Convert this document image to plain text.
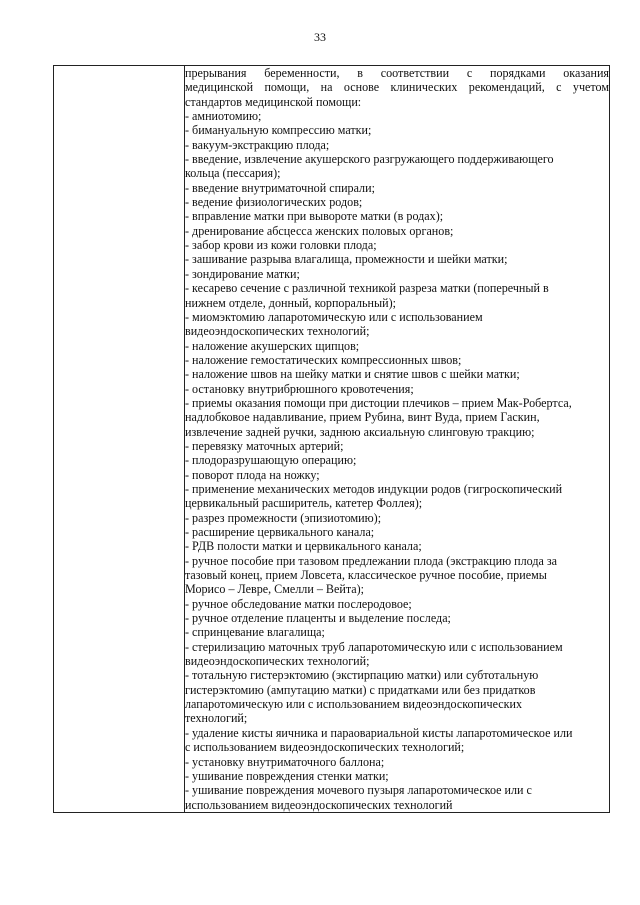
33

прерывания беременности, в соответствии с порядками оказания
медицинской помощи, на основе клинических рекомендаций, с учетом
стандартов медицинской помощи:
- амниотомию;
- бимануальную компрессию матки;
- вакуум-экстракцию плода;
- введение, извлечение акушерского разгружающего поддерживающего
кольца (пессария);
- введение внутриматочной спирали;
- ведение физиологических родов;
- вправление матки при вывороте матки (в родах);
- дренирование абсцесса женских половых органов;
- забор крови из кожи головки плода;
- зашивание разрыва влагалища, промежности и шейки матки;
- зондирование матки;
- кесарево сечение с различной техникой разреза матки (поперечный в
нижнем отделе, донный, корпоральный);
- миомэктомию лапаротомическую или с использованием
видеоэндоскопических технологий;
- наложение акушерских щипцов;
- наложение гемостатических компрессионных швов;
- наложение швов на шейку матки и снятие швов с шейки матки;
- остановку внутрибрюшного кровотечения;
- приемы оказания помощи при дистоции плечиков – прием Мак-Робертса,
надлобковое надавливание, прием Рубина, винт Вуда, прием Гаскин,
извлечение задней ручки, заднюю аксиальную слинговую тракцию;
- перевязку маточных артерий;
- плодоразрушающую операцию;
- поворот плода на ножку;
- применение механических методов индукции родов (гигроскопический
цервикальный расширитель, катетер Фоллея);
- разрез промежности (эпизиотомию);
- расширение цервикального канала;
- РДВ полости матки и цервикального канала;
- ручное пособие при тазовом предлежании плода (экстракцию плода за
тазовый конец, прием Ловсета, классическое ручное пособие, приемы
Морисо – Левре, Смелли – Вейта);
- ручное обследование матки послеродовое;
- ручное отделение плаценты и выделение последа;
- спринцевание влагалища;
- стерилизацию маточных труб лапаротомическую или с использованием
видеоэндоскопических технологий;
- тотальную гистерэктомию (экстирпацию матки) или субтотальную
гистерэктомию (ампутацию матки) с придатками или без придатков
лапаротомическую или с использованием видеоэндоскопических
технологий;
- удаление кисты яичника и параовариальной кисты лапаротомическое или
с использованием видеоэндоскопических технологий;
- установку внутриматочного баллона;
- ушивание повреждения стенки матки;
- ушивание повреждения мочевого пузыря лапаротомическое или с
использованием видеоэндоскопических технологий
